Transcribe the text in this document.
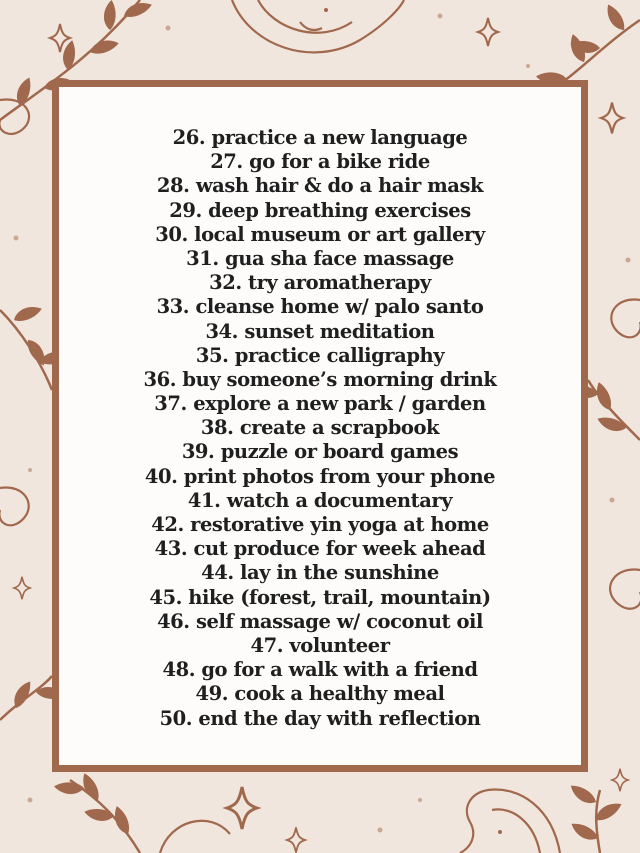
26. practice a new language
27. go for a bike ride
28. wash hair & do a hair mask
29. deep breathing exercises
30. local museum or art gallery
31. gua sha face massage
32. try aromatherapy
33. cleanse home w/ palo santo
34. sunset meditation
35. practice calligraphy
36. buy someone’s morning drink
37. explore a new park / garden
38. create a scrapbook
39. puzzle or board games
40. print photos from your phone
41. watch a documentary
42. restorative yin yoga at home
43. cut produce for week ahead
44. lay in the sunshine
45. hike (forest, trail, mountain)
46. self massage w/ coconut oil
47. volunteer
48. go for a walk with a friend
49. cook a healthy meal
50. end the day with reflection
